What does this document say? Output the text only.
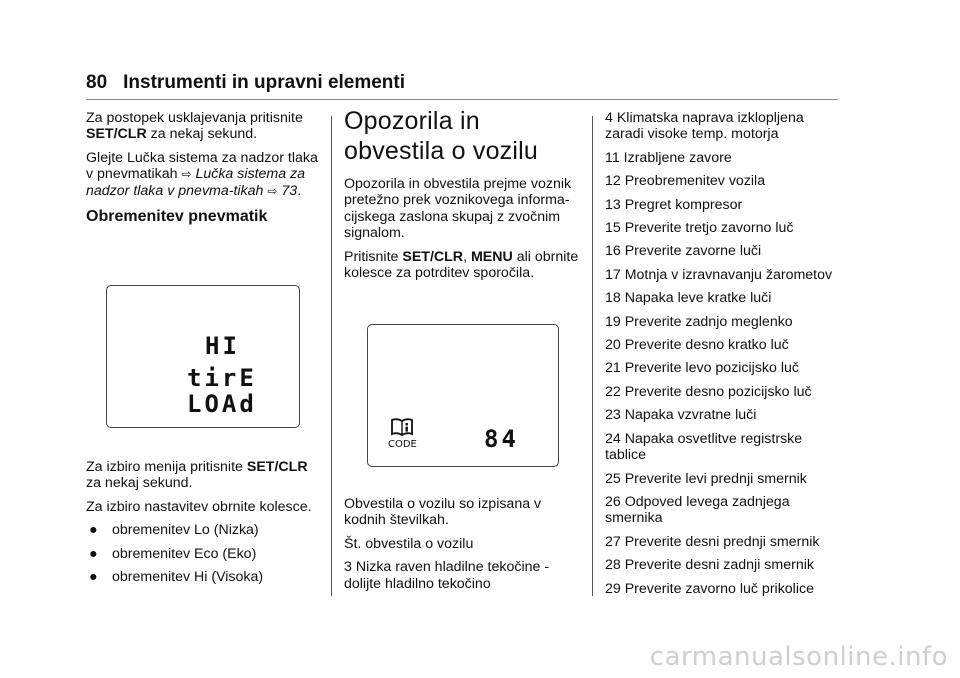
80 Instrumenti in upravni elementi

Za postopek usklajevanja pritisnite SET/CLR za nekaj sekund.

Glejte Lučka sistema za nadzor tlaka v pnevmatikah ⇨ Lučka sistema za nadzor tlaka v pnevma-tikah ⇨ 73.

Obremenitev pnevmatik
HI
tirE
LOAd

Za izbiro menija pritisnite SET/CLR za nekaj sekund.

Za izbiro nastavitev obrnite kolesce.

● obremenitev Lo (Nizka)
● obremenitev Eco (Eko)
● obremenitev Hi (Visoka)
Opozorila in obvestila o vozilu

Opozorila in obvestila prejme voznik pretežno prek voznikovega informa-cijskega zaslona skupaj z zvočnim signalom.

Pritisnite SET/CLR, MENU ali obrnite kolesce za potrditev sporočila.

CODE	84

Obvestila o vozilu so izpisana v kodnih številkah.

Št. obvestila o vozilu

3 Nizka raven hladilne tekočine - dolijte hladilno tekočino

4 Klimatska naprava izklopljena zaradi visoke temp. motorja

11 Izrabljene zavore

12 Preobremenitev vozila

13 Pregret kompresor

15 Preverite tretjo zavorno luč

16 Preverite zavorne luči

17 Motnja v izravnavanju žarometov

18 Napaka leve kratke luči

19 Preverite zadnjo meglenko

20 Preverite desno kratko luč

21 Preverite levo pozicijsko luč

22 Preverite desno pozicijsko luč

23 Napaka vzvratne luči

24 Napaka osvetlitve registrske tablice

25 Preverite levi prednji smernik

26 Odpoved levega zadnjega smernika

27 Preverite desni prednji smernik

28 Preverite desni zadnji smernik

29 Preverite zavorno luč prikolice

carmanualsonline.info
